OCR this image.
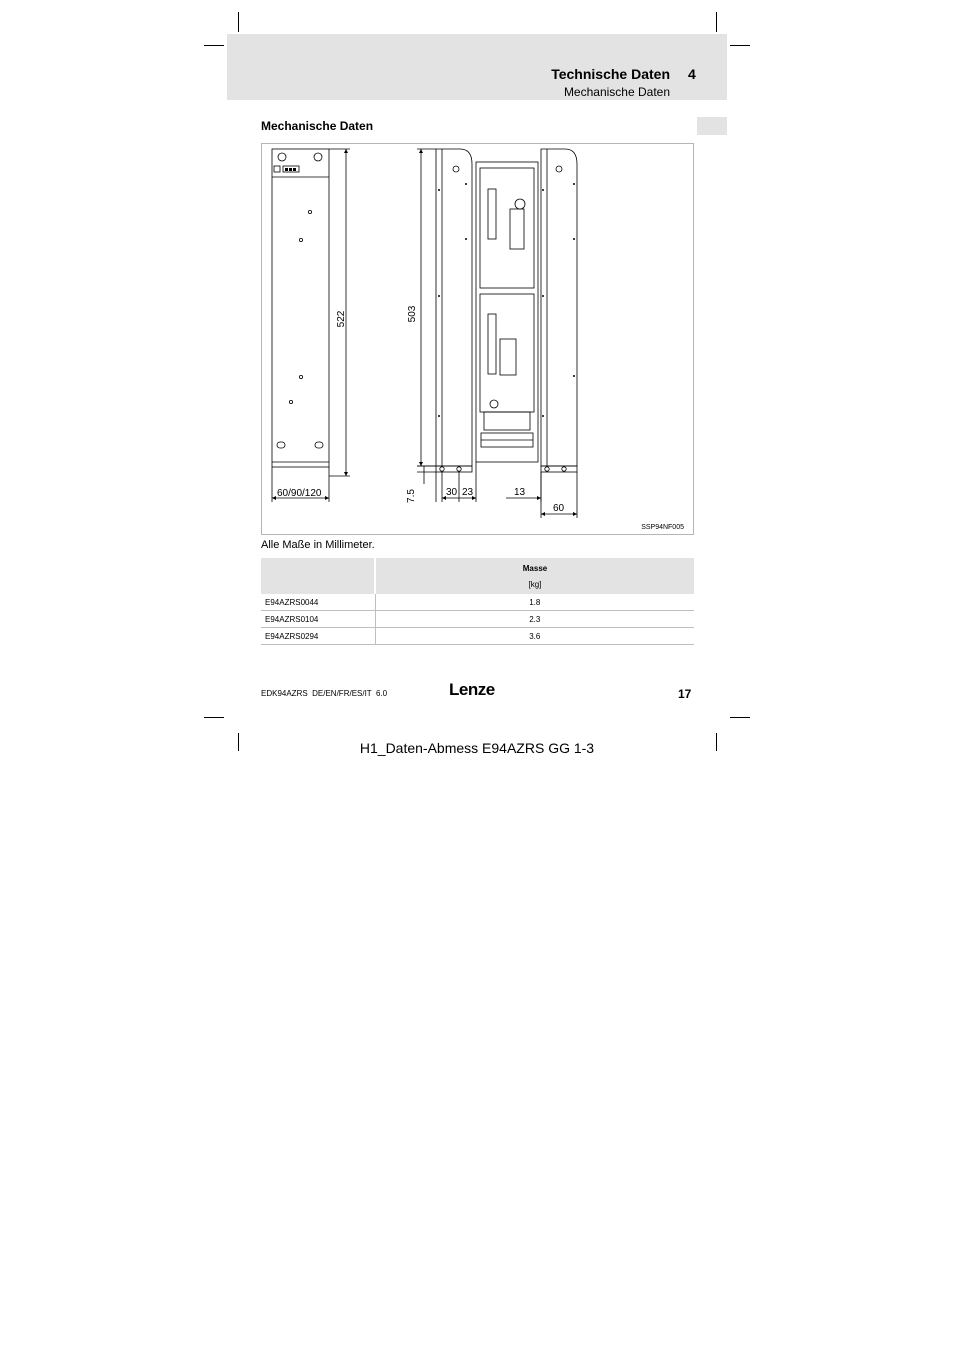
Technische Daten 4
Mechanische Daten
Mechanische Daten
522	503
60/90/120	7.5	30 23	13
60
SSP94NF005
Alle Maße in Millimeter.

	Masse
[kg]

E94AZRS0044	1.8
E94AZRS0104	2.3
E94AZRS0294	3.6
EDK94AZRS  DE/EN/FR/ES/IT  6.0	Lenze	17
H1_Daten-Abmess E94AZRS GG 1-3
